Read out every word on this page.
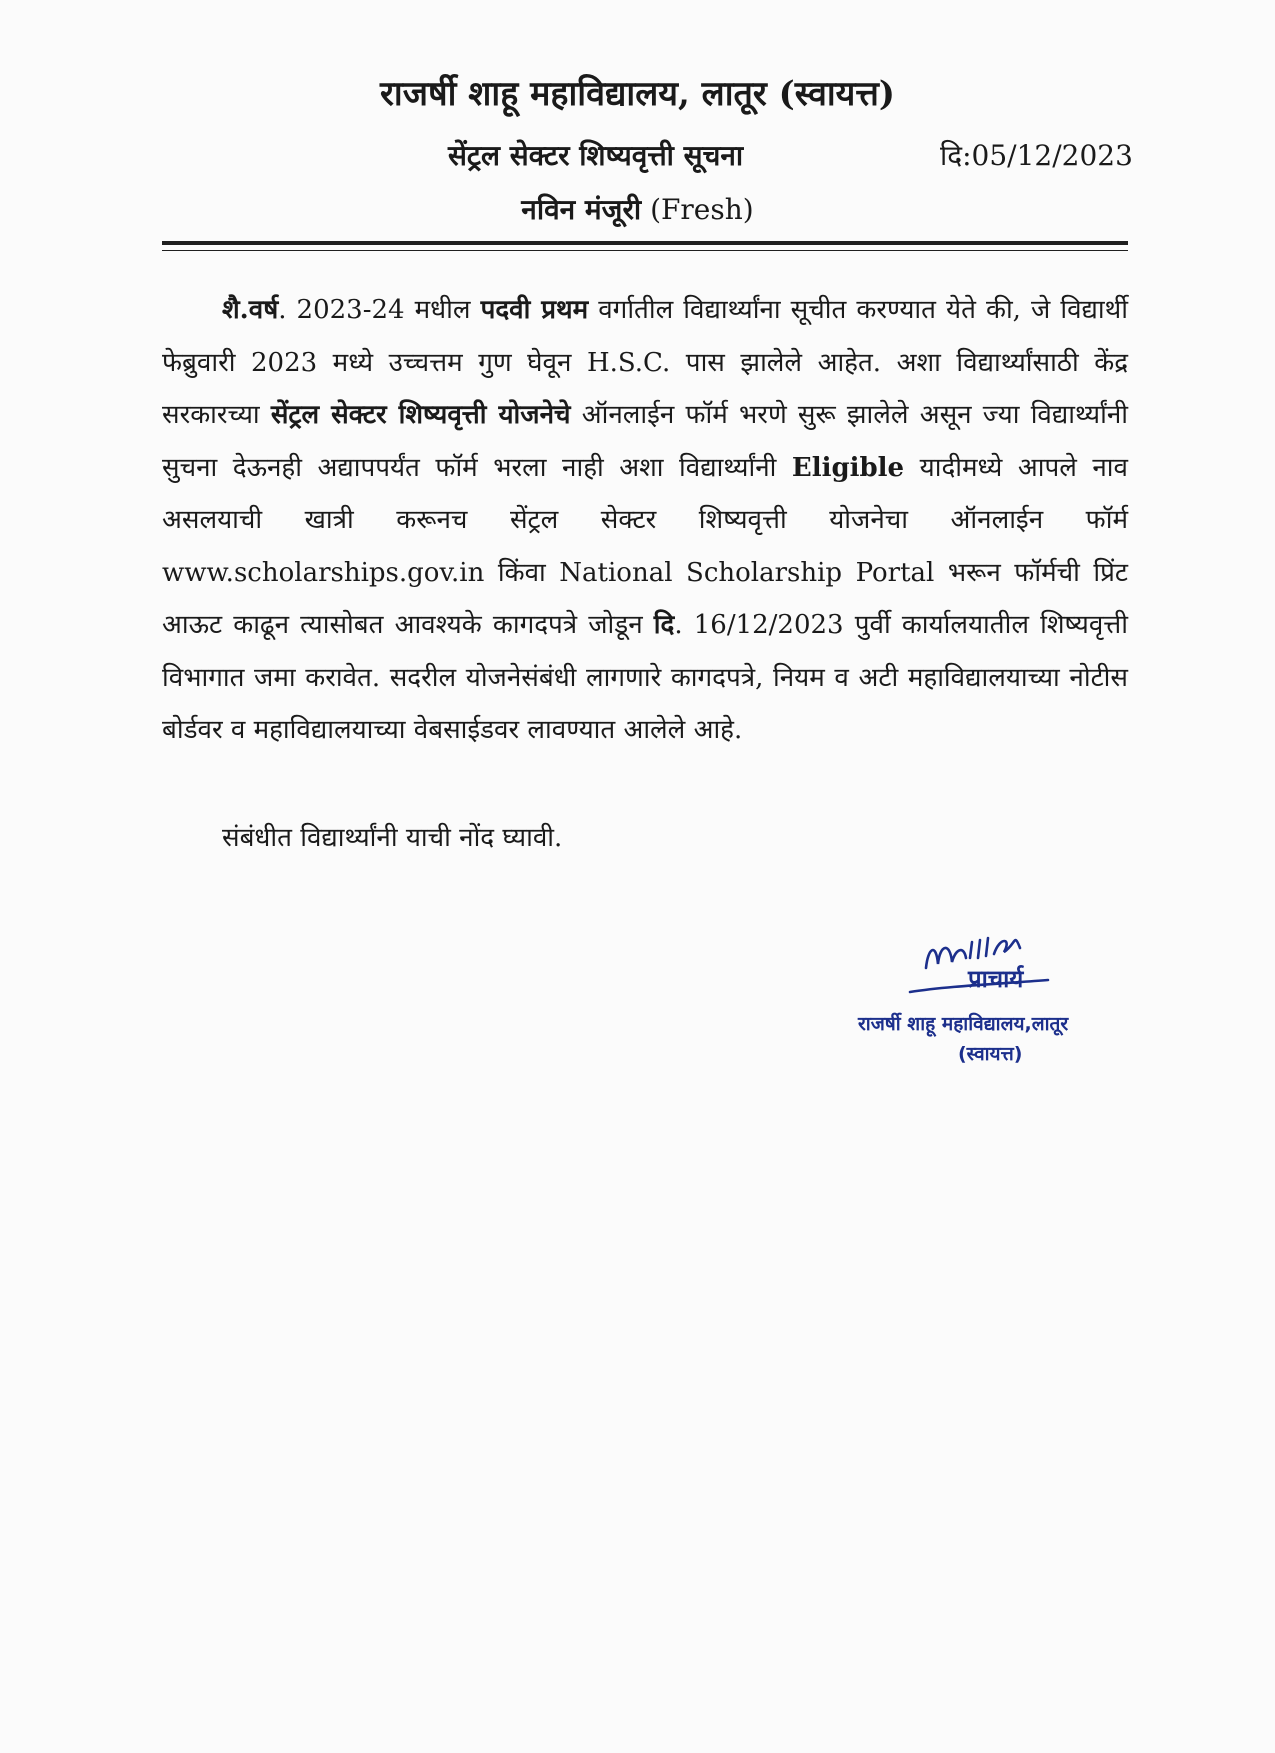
राजर्षी शाहू महाविद्यालय, लातूर (स्वायत्त)
सेंट्रल सेक्टर शिष्यवृत्ती सूचना	दि:05/12/2023
नविन मंजूरी (Fresh)
शै.वर्ष. 2023-24 मधील पदवी प्रथम वर्गातील विद्यार्थ्यांना सूचीत करण्यात येते की, जे विद्यार्थी फेब्रुवारी 2023 मध्ये उच्चत्तम गुण घेवून H.S.C. पास झालेले आहेत. अशा विद्यार्थ्यांसाठी केंद्र सरकारच्या सेंट्रल सेक्टर शिष्यवृत्ती योजनेचे ऑनलाईन फॉर्म भरणे सुरू झालेले असून ज्या विद्यार्थ्यांनी सुचना देऊनही अद्यापपर्यंत फॉर्म भरला नाही अशा विद्यार्थ्यांनी Eligible यादीमध्ये आपले नाव असलयाची खात्री करूनच सेंट्रल सेक्टर शिष्यवृत्ती योजनेचा ऑनलाईन फॉर्म www.scholarships.gov.in किंवा National Scholarship Portal भरून फॉर्मची प्रिंट आऊट काढून त्यासोबत आवश्यके कागदपत्रे जोडून दि. 16/12/2023 पुर्वी कार्यालयातील शिष्यवृत्ती विभागात जमा करावेत. सदरील योजनेसंबंधी लागणारे कागदपत्रे, नियम व अटी महाविद्यालयाच्या नोटीस बोर्डवर व महाविद्यालयाच्या वेबसाईडवर लावण्यात आलेले आहे.
संबंधीत विद्यार्थ्यांनी याची नोंद घ्यावी.
प्राचार्य
राजर्षी शाहू महाविद्यालय,लातूर
(स्वायत्त)
